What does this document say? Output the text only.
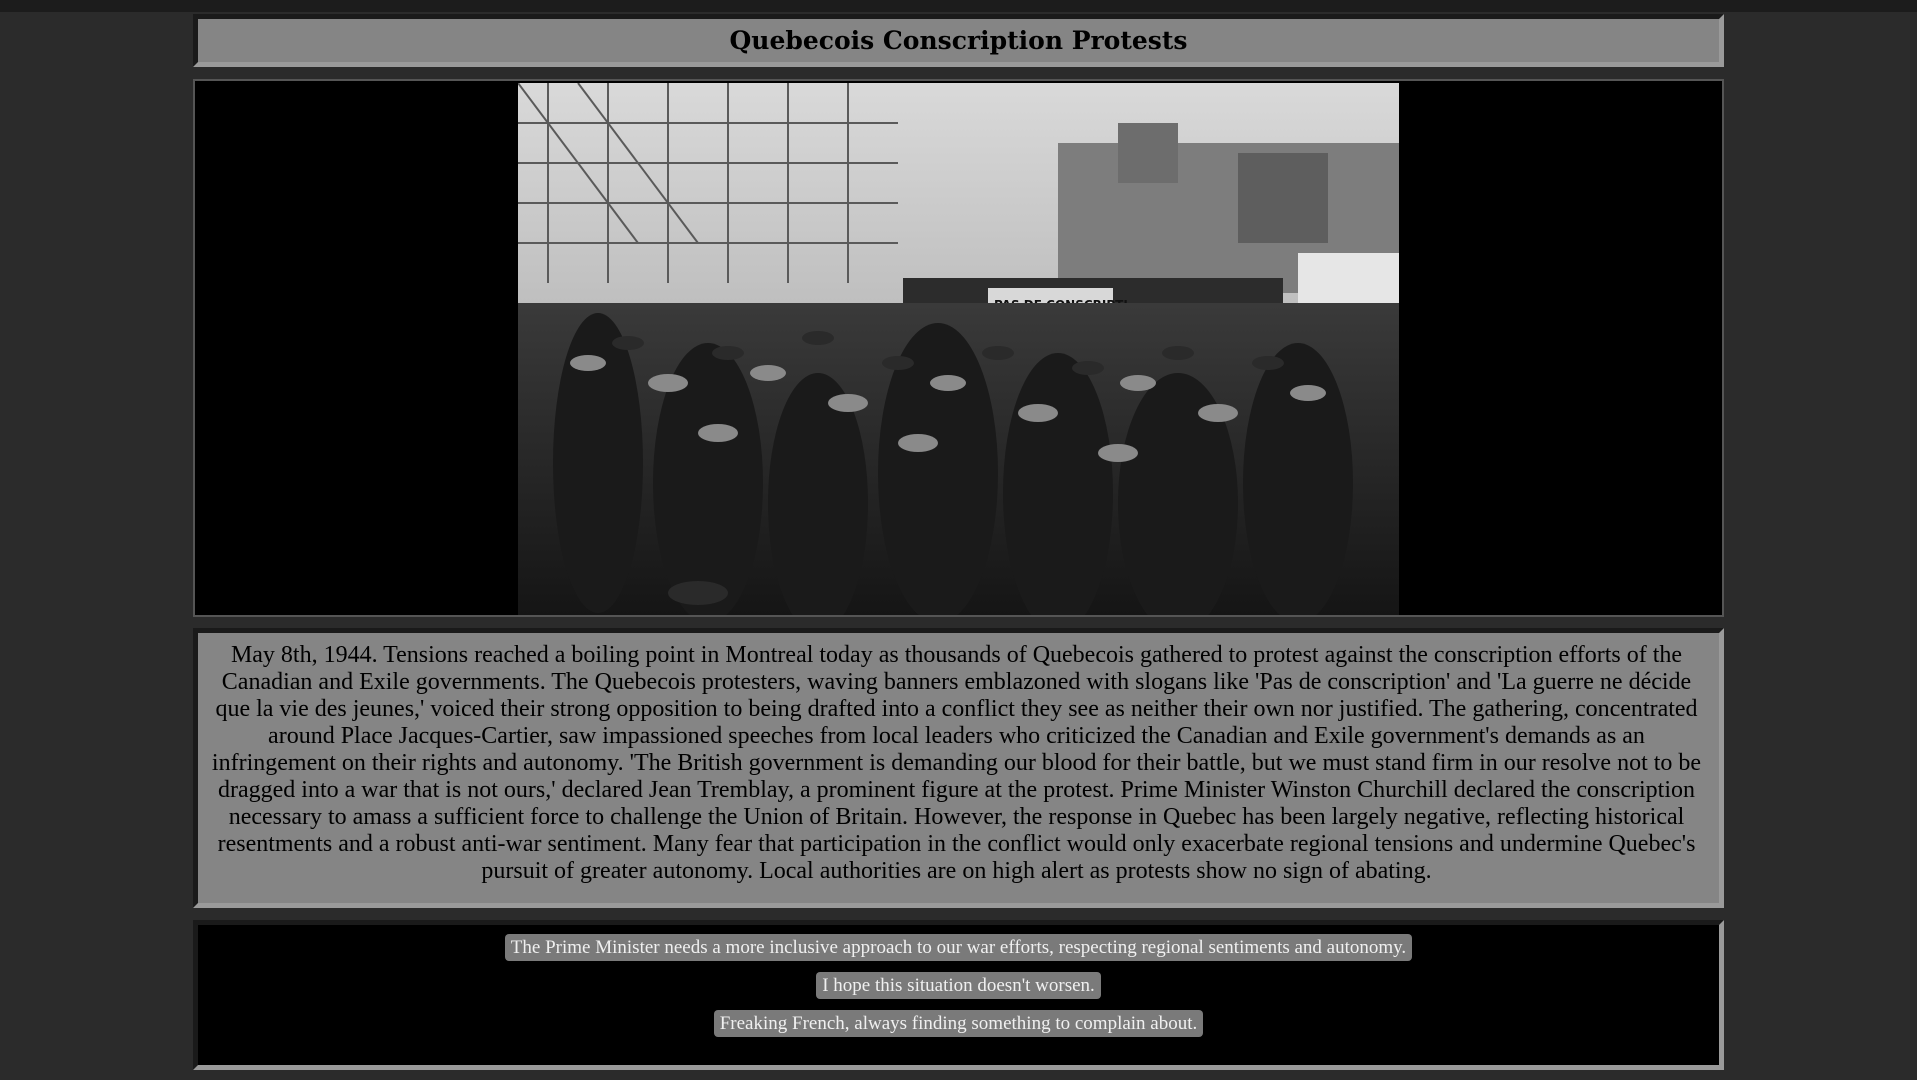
Quebecois Conscription Protests
May 8th, 1944. Tensions reached a boiling point in Montreal today as thousands of Quebecois gathered to protest against the conscription efforts of the Canadian and Exile governments. The Quebecois protesters, waving banners emblazoned with slogans like 'Pas de conscription' and 'La guerre ne décide que la vie des jeunes,' voiced their strong opposition to being drafted into a conflict they see as neither their own nor justified. The gathering, concentrated around Place Jacques-Cartier, saw impassioned speeches from local leaders who criticized the Canadian and Exile government's demands as an infringement on their rights and autonomy. 'The British government is demanding our blood for their battle, but we must stand firm in our resolve not to be dragged into a war that is not ours,' declared Jean Tremblay, a prominent figure at the protest. Prime Minister Winston Churchill declared the conscription necessary to amass a sufficient force to challenge the Union of Britain. However, the response in Quebec has been largely negative, reflecting historical resentments and a robust anti-war sentiment. Many fear that participation in the conflict would only exacerbate regional tensions and undermine Quebec's pursuit of greater autonomy. Local authorities are on high alert as protests show no sign of abating.
The Prime Minister needs a more inclusive approach to our war efforts, respecting regional sentiments and autonomy.
I hope this situation doesn't worsen.
Freaking French, always finding something to complain about.
